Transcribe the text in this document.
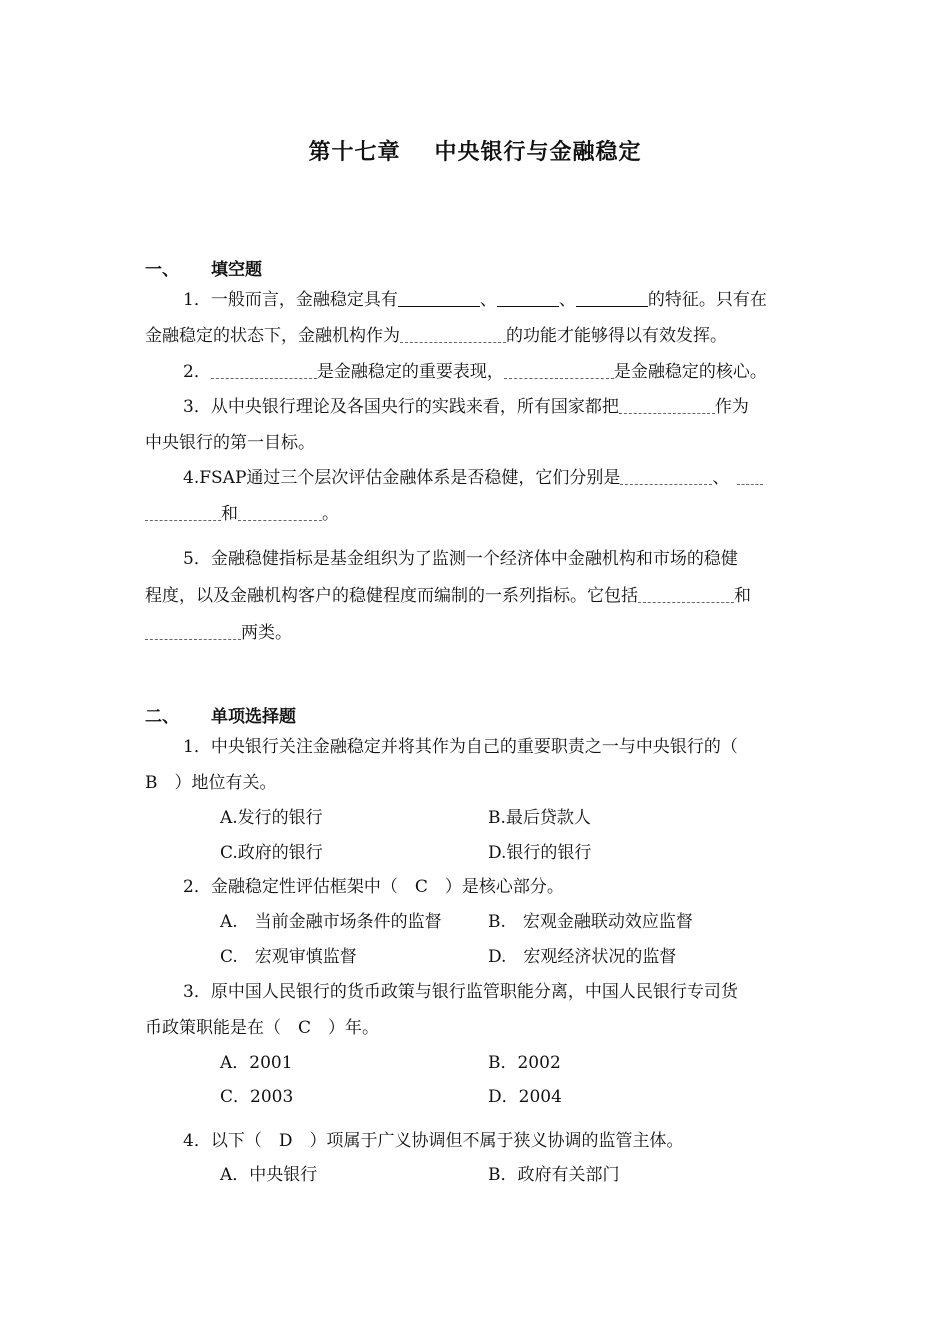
第十七章 中央银行与金融稳定
一、 填空题
1．一般而言，金融稳定具有	、	、	的特征。只有在
金融稳定的状态下，金融机构作为	的功能才能够得以有效发挥。
2．	是金融稳定的重要表现，	是金融稳定的核心。
3．从中央银行理论及各国央行的实践来看，所有国家都把	作为
中央银行的第一目标。
4.FSAP通过三个层次评估金融体系是否稳健，它们分别是	、
和	。
5．金融稳健指标是基金组织为了监测一个经济体中金融机构和市场的稳健
程度，以及金融机构客户的稳健程度而编制的一系列指标。它包括	和
两类。
二、 单项选择题
1．中央银行关注金融稳定并将其作为自己的重要职责之一与中央银行的（
B　）地位有关。
A.发行的银行	B.最后贷款人
C.政府的银行	D.银行的银行
2．金融稳定性评估框架中（　C　）是核心部分。
A.　当前金融市场条件的监督	B.　宏观金融联动效应监督
C.　宏观审慎监督	D.　宏观经济状况的监督
3．原中国人民银行的货币政策与银行监管职能分离，中国人民银行专司货
币政策职能是在（　C　）年。
A．2001	B．2002
C．2003	D．2004
4．以下（　D　）项属于广义协调但不属于狭义协调的监管主体。
A．中央银行	B．政府有关部门
